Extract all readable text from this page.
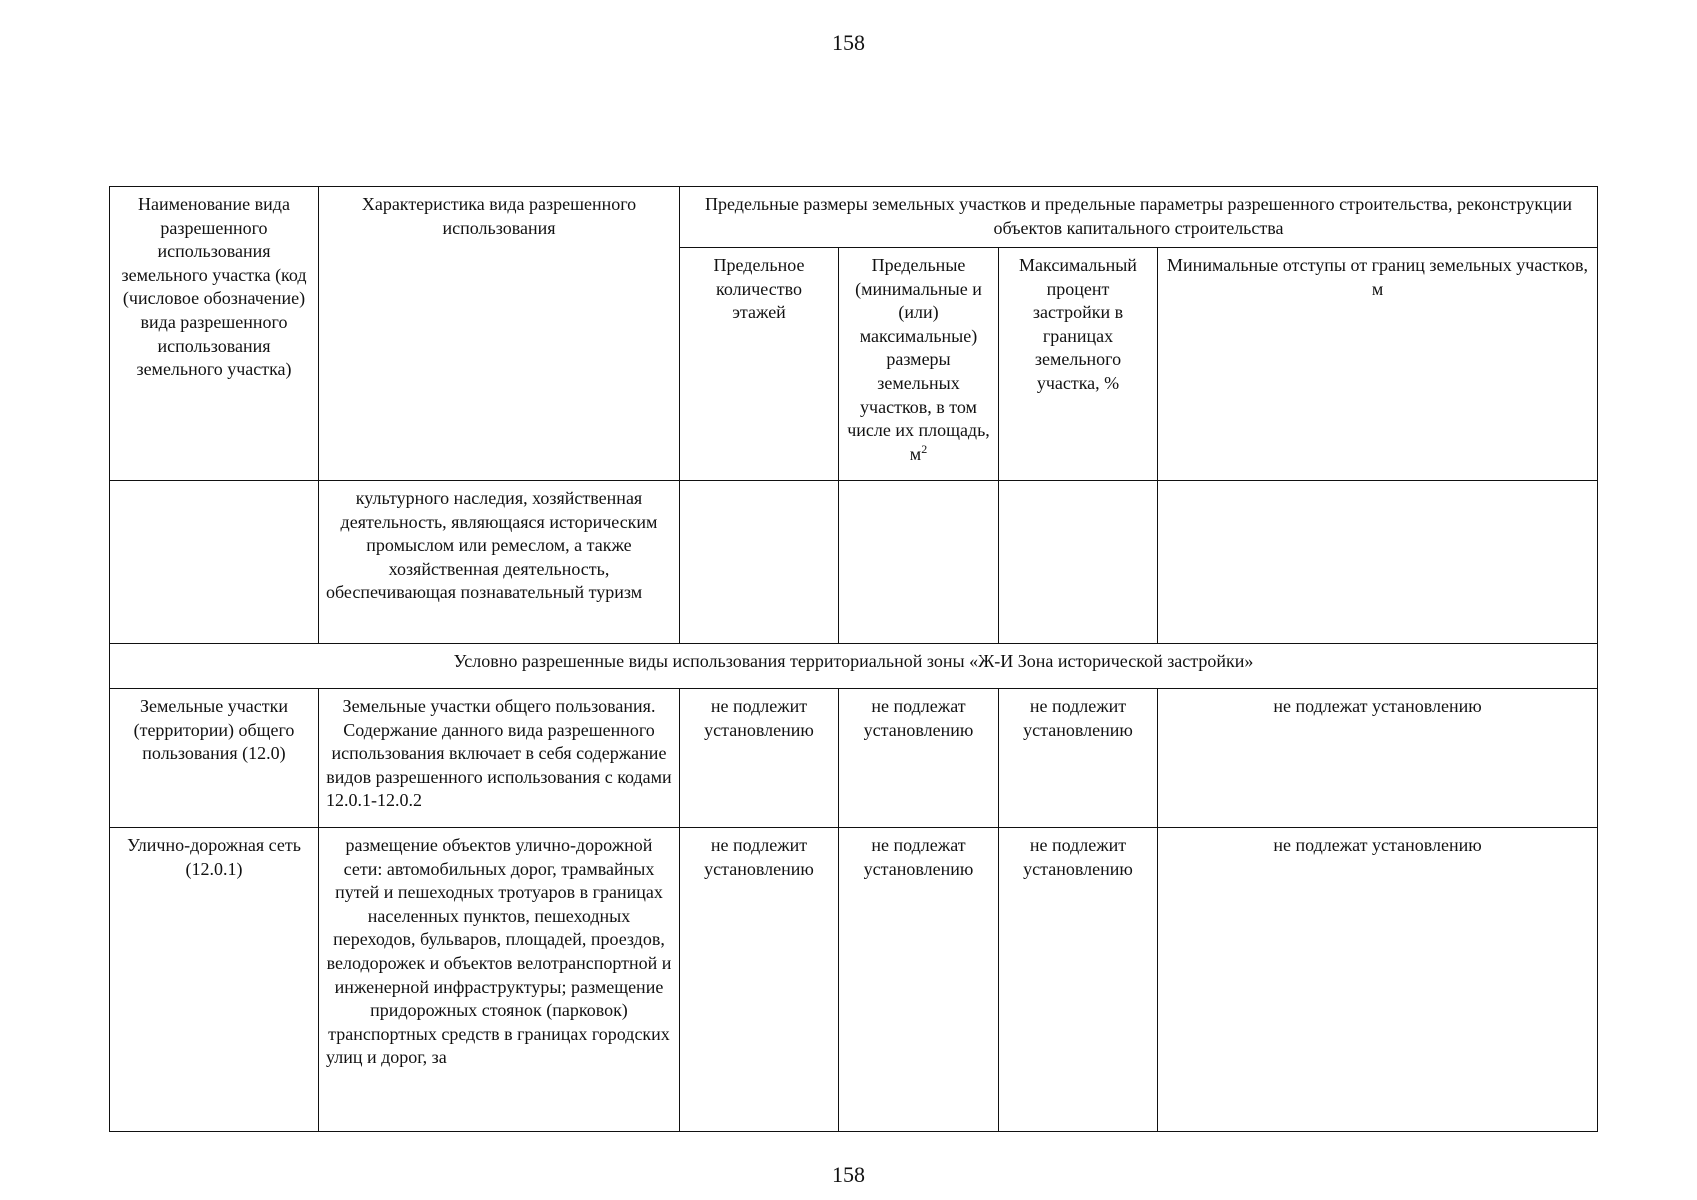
158
Наименование вида разрешенного использования земельного участка (код (числовое обозначение) вида разрешенного использования земельного участка)	Характеристика вида разрешенного использования	Предельные размеры земельных участков и предельные параметры разрешенного строительства, реконструкции объектов капитального строительства			
		Предельное количество этажей	Предельные (минимальные и (или) максимальные) размеры земельных участков, в том числе их площадь, $м^2$	Максимальный процент застройки в границах земельного участка, %	Минимальные отступы от границ земельных участков, м
	культурного наследия, хозяйственная деятельность, являющаяся историческим промыслом или ремеслом, а также хозяйственная деятельность, обеспечивающая познавательный туризм				
Условно разрешенные виды использования территориальной зоны «Ж-И Зона исторической застройки»					
Земельные участки (территории) общего пользования (12.0)	Земельные участки общего пользования. Содержание данного вида разрешенного использования включает в себя содержание видов разрешенного использования с кодами 12.0.1-12.0.2	не подлежит установлению	не подлежат установлению	не подлежит установлению	не подлежат установлению
Улично-дорожная сеть (12.0.1)	размещение объектов улично-дорожной сети: автомобильных дорог, трамвайных путей и пешеходных тротуаров в границах населенных пунктов, пешеходных переходов, бульваров, площадей, проездов, велодорожек и объектов велотранспортной и инженерной инфраструктуры; размещение придорожных стоянок (парковок) транспортных средств в границах городских улиц и дорог, за	не подлежит установлению	не подлежат установлению	не подлежит установлению	не подлежат установлению
158
